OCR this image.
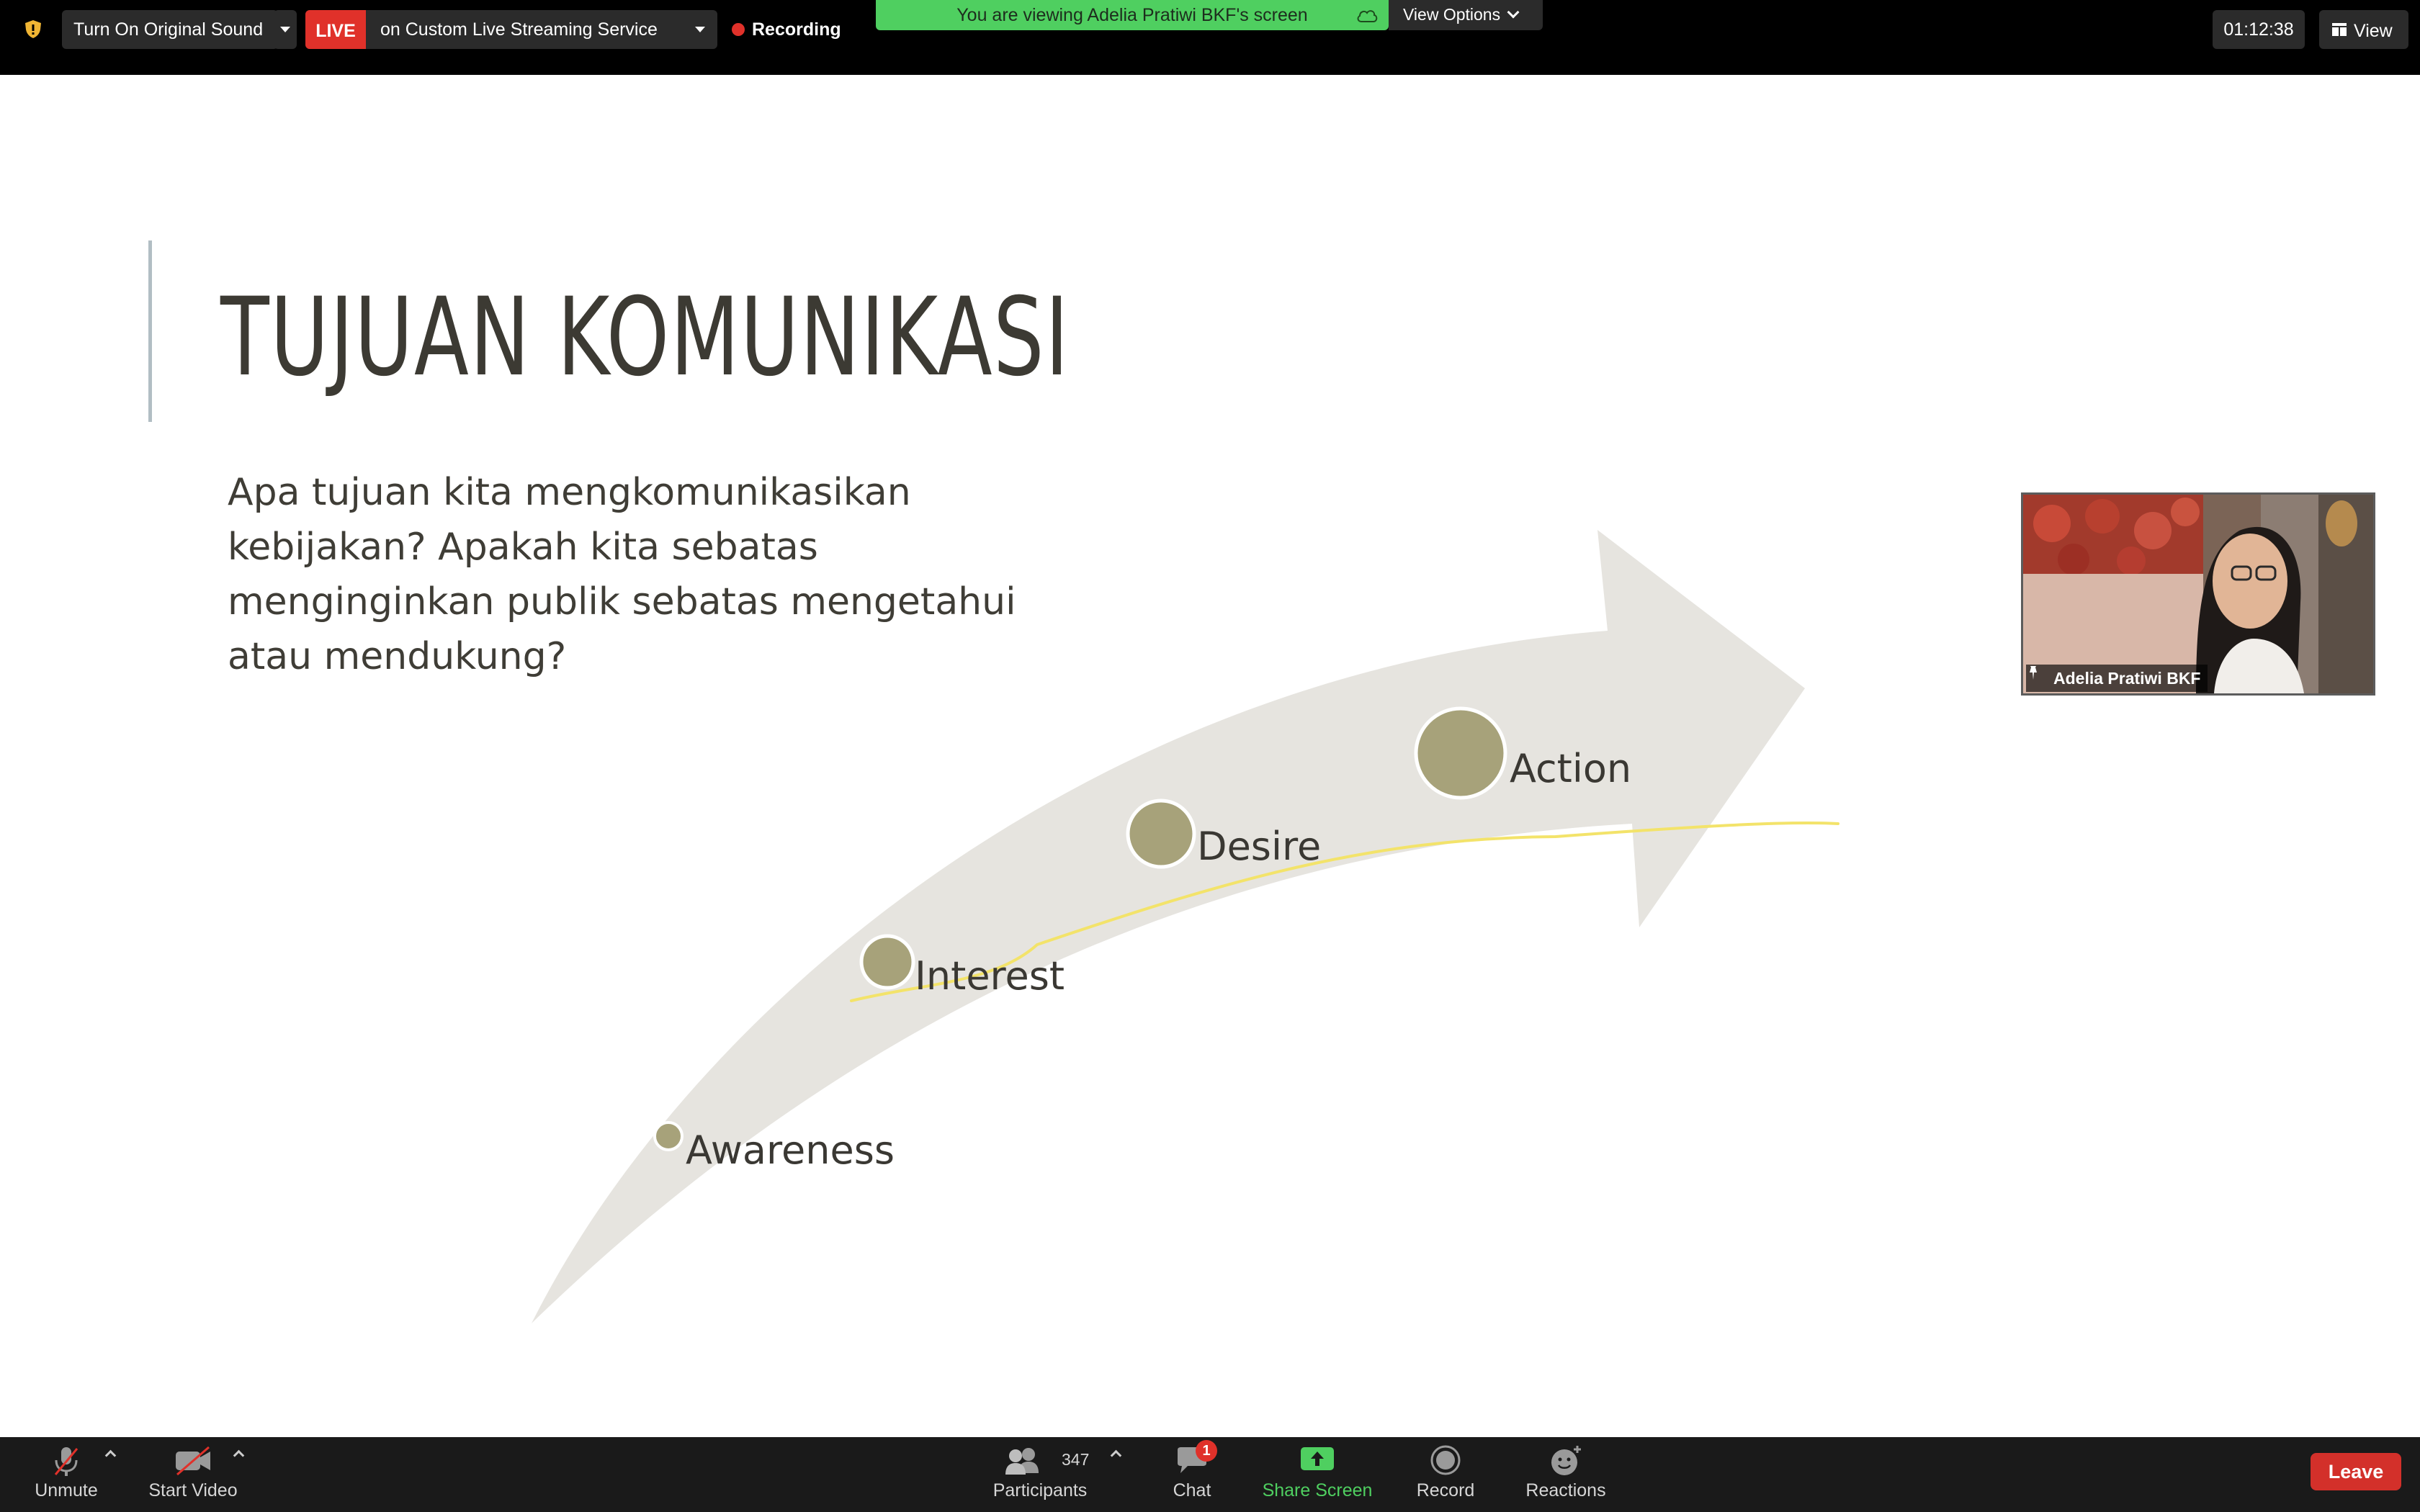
Turn On Original Sound	LIVE	on Custom Live Streaming Service	Recording
You are viewing Adelia Pratiwi BKF's screen	View Options
01:12:38	View
TUJUAN KOMUNIKASI
Apa tujuan kita mengkomunikasikan
kebijakan? Apakah kita sebatas
menginginkan publik sebatas mengetahui
atau mendukung?
Awareness
Interest
Desire
Action
Adelia Pratiwi BKF
Unmute	Start Video	Participants
347
Chat
1
Share Screen	Record	Reactions
Leave
